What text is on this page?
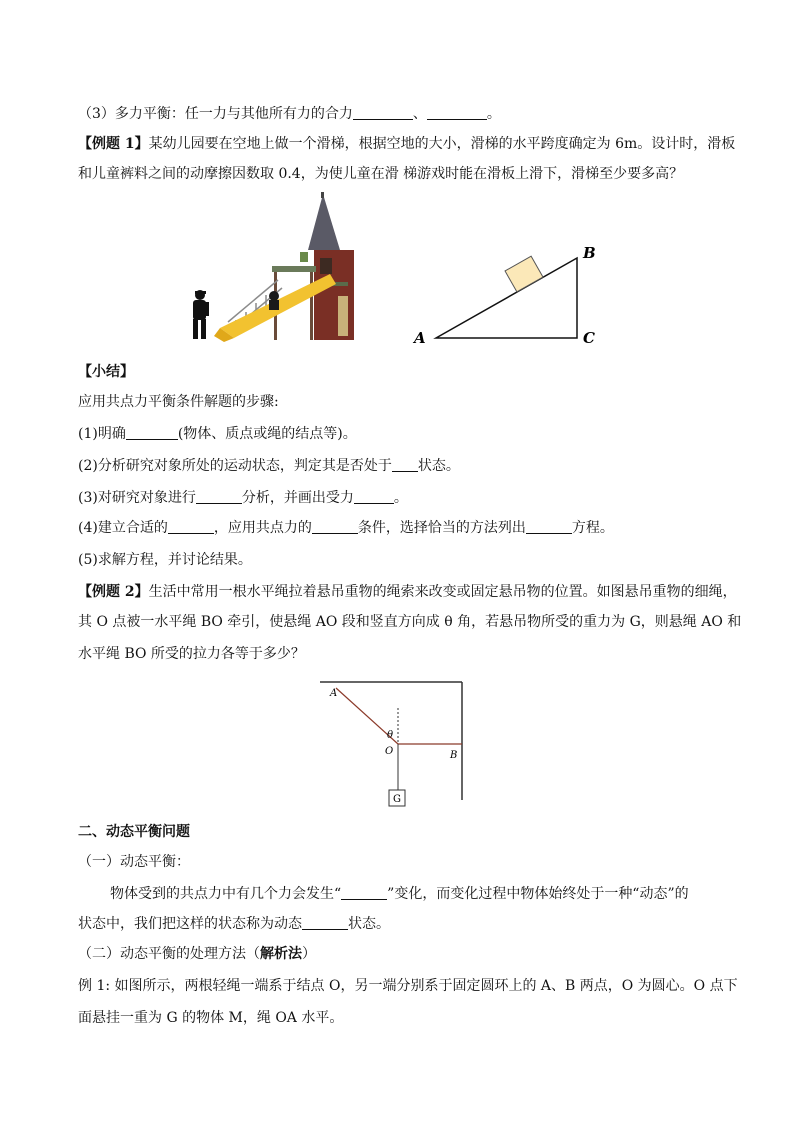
（3）多力平衡：任一力与其他所有力的合力	、	。
【例题 1】某幼儿园要在空地上做一个滑梯，根据空地的大小，滑梯的水平跨度确定为 6m。设计时，滑板
和儿童裤料之间的动摩擦因数取 0.4，为使儿童在滑 梯游戏时能在滑板上滑下，滑梯至少要多高？
A
B
C
【小结】
应用共点力平衡条件解题的步骤:
(1)明确	(物体、质点或绳的结点等)。
(2)分析研究对象所处的运动状态，判定其是否处于 状态。
(3)对研究对象进行	分析，并画出受力	。
(4)建立合适的	，应用共点力的	条件，选择恰当的方法列出	方程。
(5)求解方程，并讨论结果。
【例题 2】生活中常用一根水平绳拉着悬吊重物的绳索来改变或固定悬吊物的位置。如图悬吊重物的细绳，
其 O 点被一水平绳 BO 牵引，使悬绳 AO 段和竖直方向成 θ 角，若悬吊物所受的重力为 G，则悬绳 AO 和
水平绳 BO 所受的拉力各等于多少？
A
θ
O	B
G
二、动态平衡问题
（一）动态平衡：
物体受到的共点力中有几个力会发生“	”变化，而变化过程中物体始终处于一种“动态”的
状态中，我们把这样的状态称为动态	状态。
（二）动态平衡的处理方法（解析法）
例 1: 如图所示，两根轻绳一端系于结点 O，另一端分别系于固定圆环上的 A、B 两点，O 为圆心。O 点下
面悬挂一重为 G 的物体 M，绳 OA 水平。
